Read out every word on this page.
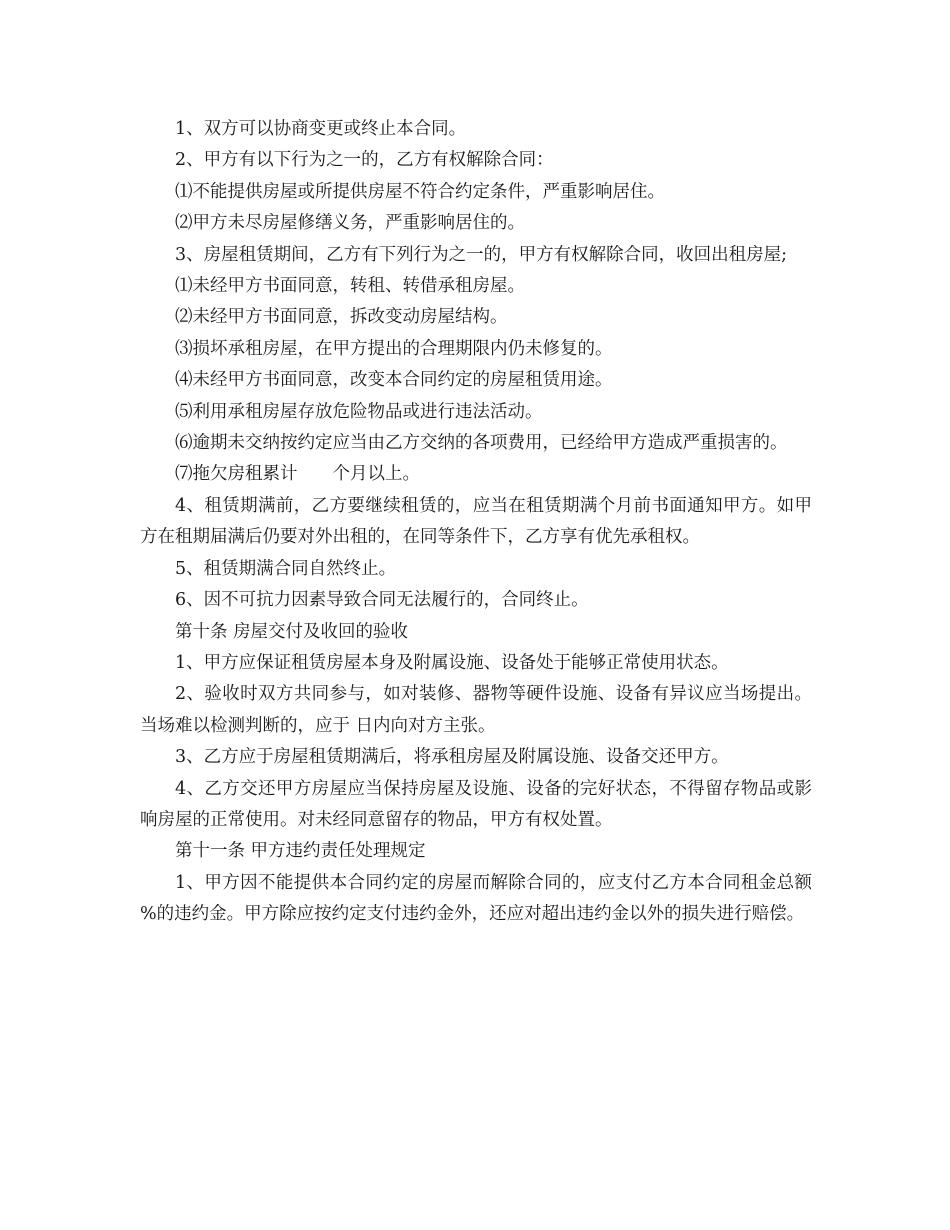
1、双方可以协商变更或终止本合同。

2、甲方有以下行为之一的，乙方有权解除合同：

⑴不能提供房屋或所提供房屋不符合约定条件，严重影响居住。

⑵甲方未尽房屋修缮义务，严重影响居住的。

3、房屋租赁期间，乙方有下列行为之一的，甲方有权解除合同，收回出租房屋;

⑴未经甲方书面同意，转租、转借承租房屋。

⑵未经甲方书面同意，拆改变动房屋结构。

⑶损坏承租房屋，在甲方提出的合理期限内仍未修复的。

⑷未经甲方书面同意，改变本合同约定的房屋租赁用途。

⑸利用承租房屋存放危险物品或进行违法活动。

⑹逾期未交纳按约定应当由乙方交纳的各项费用，已经给甲方造成严重损害的。

⑺拖欠房租累计　　个月以上。

4、租赁期满前，乙方要继续租赁的，应当在租赁期满个月前书面通知甲方。如甲方在租期届满后仍要对外出租的，在同等条件下，乙方享有优先承租权。

5、租赁期满合同自然终止。

6、因不可抗力因素导致合同无法履行的，合同终止。

第十条 房屋交付及收回的验收

1、甲方应保证租赁房屋本身及附属设施、设备处于能够正常使用状态。

2、验收时双方共同参与，如对装修、器物等硬件设施、设备有异议应当场提出。当场难以检测判断的，应于 日内向对方主张。

3、乙方应于房屋租赁期满后，将承租房屋及附属设施、设备交还甲方。

4、乙方交还甲方房屋应当保持房屋及设施、设备的完好状态，不得留存物品或影响房屋的正常使用。对未经同意留存的物品，甲方有权处置。

第十一条 甲方违约责任处理规定

1、甲方因不能提供本合同约定的房屋而解除合同的，应支付乙方本合同租金总额 %的违约金。甲方除应按约定支付违约金外，还应对超出违约金以外的损失进行赔偿。
